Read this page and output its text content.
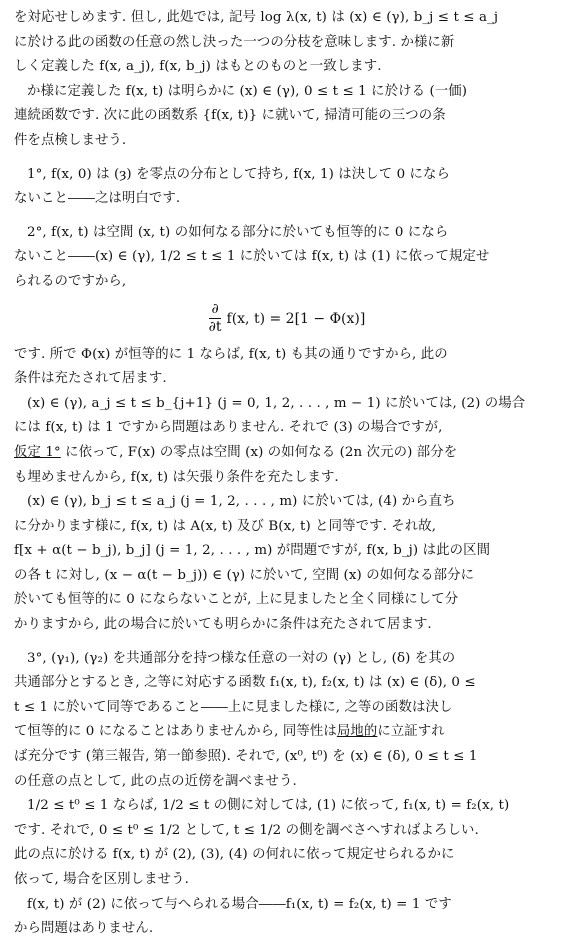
を対応せしめます. 但し, 此処では, 記号 log λ(x, t) は (x) ∈ (γ), b_j ≤ t ≤ a_j
に於ける此の函数の任意の然し決った一つの分枝を意味します. か様に新
しく定義した f(x, a_j), f(x, b_j) はもとのものと一致します.

か様に定義した f(x, t) は明らかに (x) ∈ (γ), 0 ≤ t ≤ 1 に於ける (一価)
連続函数です. 次に此の函数系 {f(x, t)} に就いて, 掃清可能の三つの条
件を点検しませう.

1°, f(x, 0) は (ȝ) を零点の分布として持ち, f(x, 1) は決して 0 になら
ないこと――之は明白です.

2°, f(x, t) は空間 (x, t) の如何なる部分に於いても恒等的に 0 になら
ないこと――(x) ∈ (γ), 1/2 ≤ t ≤ 1 に於いては f(x, t) は (1) に依って規定せ
られるのですから,

$\frac{\partial}{\partial t} f(x$, t) = 2[1 − Φ(x)]

です. 所で Φ(x) が恒等的に 1 ならば, f(x, t) も其の通りですから, 此の
条件は充たされて居ます.

(x) ∈ (γ), a_j ≤ t ≤ b_{j+1} (j = 0, 1, 2, . . . , m − 1) に於いては, (2) の場合
には f(x, t) は 1 ですから問題はありません. それで (3) の場合ですが,
仮定 1° に依って, F(x) の零点は空間 (x) の如何なる (2n 次元の) 部分を
も埋めませんから, f(x, t) は矢張り条件を充たします.

(x) ∈ (γ), b_j ≤ t ≤ a_j (j = 1, 2, . . . , m) に於いては, (4) から直ち
に分かります様に, f(x, t) は A(x, t) 及び B(x, t) と同等です. それ故,
f[x + α(t − b_j), b_j] (j = 1, 2, . . . , m) が問題ですが, f(x, b_j) は此の区間
の各 t に対し, (x − α(t − b_j)) ∈ (γ) に於いて, 空間 (x) の如何なる部分に
於いても恒等的に 0 にならないことが, 上に見ましたと全く同様にして分
かりますから, 此の場合に於いても明らかに条件は充たされて居ます.

3°, (γ₁), (γ₂) を共通部分を持つ様な任意の一対の (γ) とし, (δ) を其の
共通部分とするとき, 之等に対応する函数 f₁(x, t), f₂(x, t) は (x) ∈ (δ), 0 ≤
t ≤ 1 に於いて同等であること――上に見ました様に, 之等の函数は決し
て恒等的に 0 になることはありませんから, 同等性は局地的に立証すれ
ば充分です (第三報告, 第一節参照). それで, (x⁰, t⁰) を (x) ∈ (δ), 0 ≤ t ≤ 1
の任意の点として, 此の点の近傍を調べませう.

1/2 ≤ t⁰ ≤ 1 ならば, 1/2 ≤ t の側に対しては, (1) に依って, f₁(x, t) = f₂(x, t)
です. それで, 0 ≤ t⁰ ≤ 1/2 として, t ≤ 1/2 の側を調べさへすればよろしい.
此の点に於ける f(x, t) が (2), (3), (4) の何れに依って規定せられるかに
依って, 場合を区別しませう.

f(x, t) が (2) に依って与へられる場合――f₁(x, t) = f₂(x, t) = 1 です
から問題はありません.
